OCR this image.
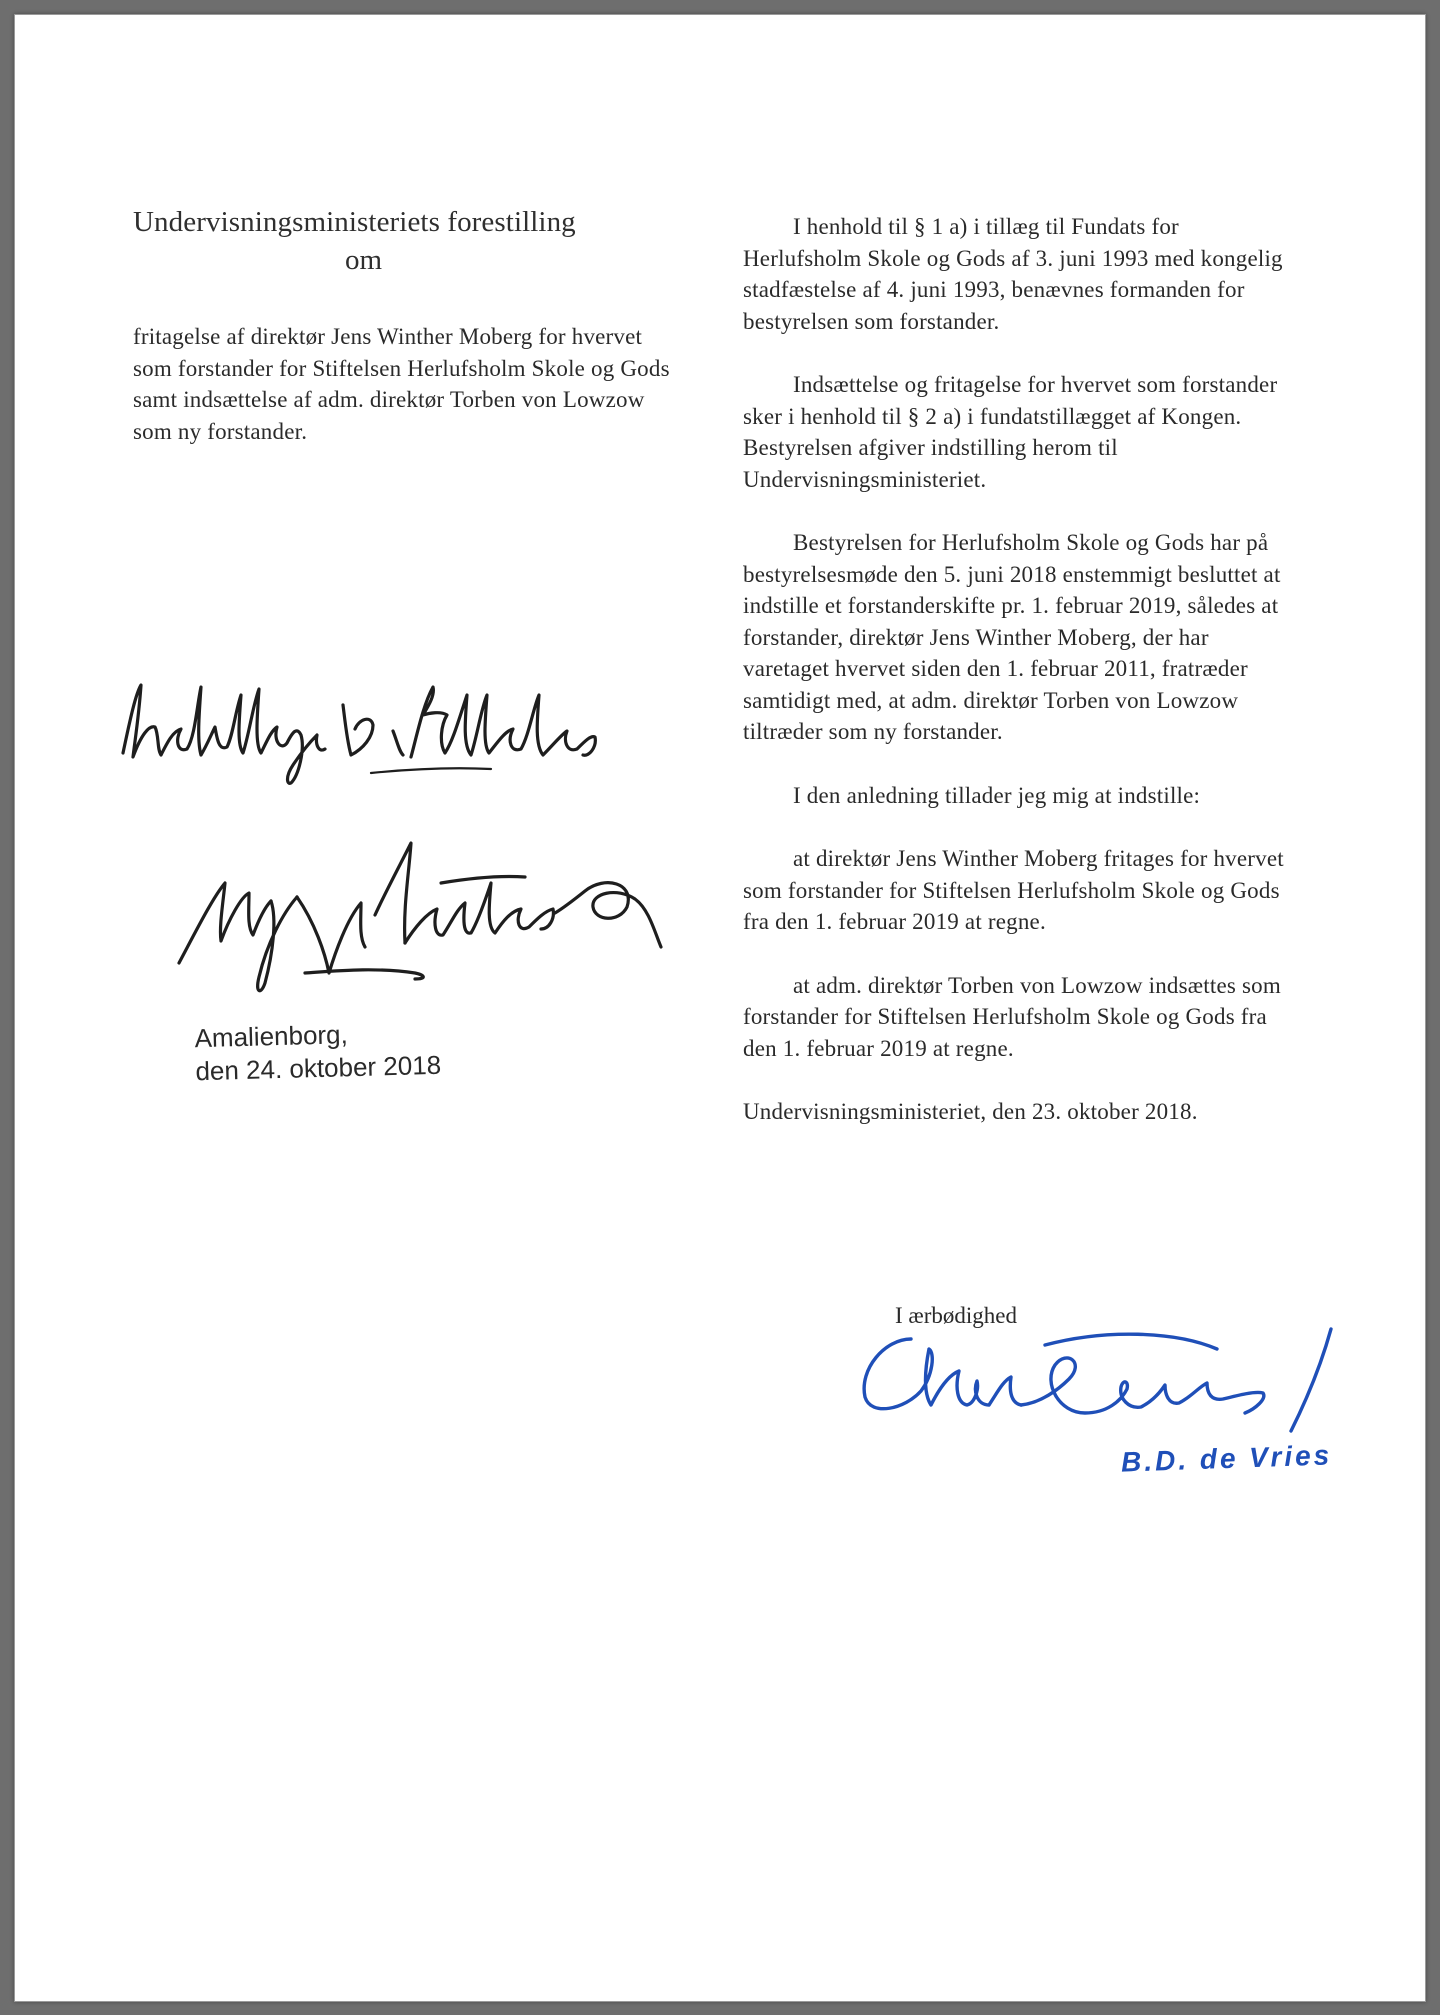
Undervisningsministeriets forestilling
om

fritagelse af direktør Jens Winther Moberg for hvervet som forstander for Stiftelsen Herlufsholm Skole og Gods samt indsættelse af adm. direktør Torben von Lowzow som ny forstander.

Amalienborg,
den 24. oktober 2018

I henhold til § 1 a) i tillæg til Fundats for Herlufsholm Skole og Gods af 3. juni 1993 med kongelig stadfæstelse af 4. juni 1993, benævnes formanden for bestyrelsen som forstander.

Indsættelse og fritagelse for hvervet som forstander sker i henhold til § 2 a) i fundatstillægget af Kongen. Bestyrelsen afgiver indstilling herom til Undervisningsministeriet.

Bestyrelsen for Herlufsholm Skole og Gods har på bestyrelsesmøde den 5. juni 2018 enstemmigt besluttet at indstille et forstanderskifte pr. 1. februar 2019, således at forstander, direktør Jens Winther Moberg, der har varetaget hvervet siden den 1. februar 2011, fratræder samtidigt med, at adm. direktør Torben von Lowzow tiltræder som ny forstander.

I den anledning tillader jeg mig at indstille:

at direktør Jens Winther Moberg fritages for hvervet som forstander for Stiftelsen Herlufsholm Skole og Gods fra den 1. februar 2019 at regne.

at adm. direktør Torben von Lowzow indsættes som forstander for Stiftelsen Herlufsholm Skole og Gods fra den 1. februar 2019 at regne.

Undervisningsministeriet, den 23. oktober 2018.

I ærbødighed
B.D. de Vries
